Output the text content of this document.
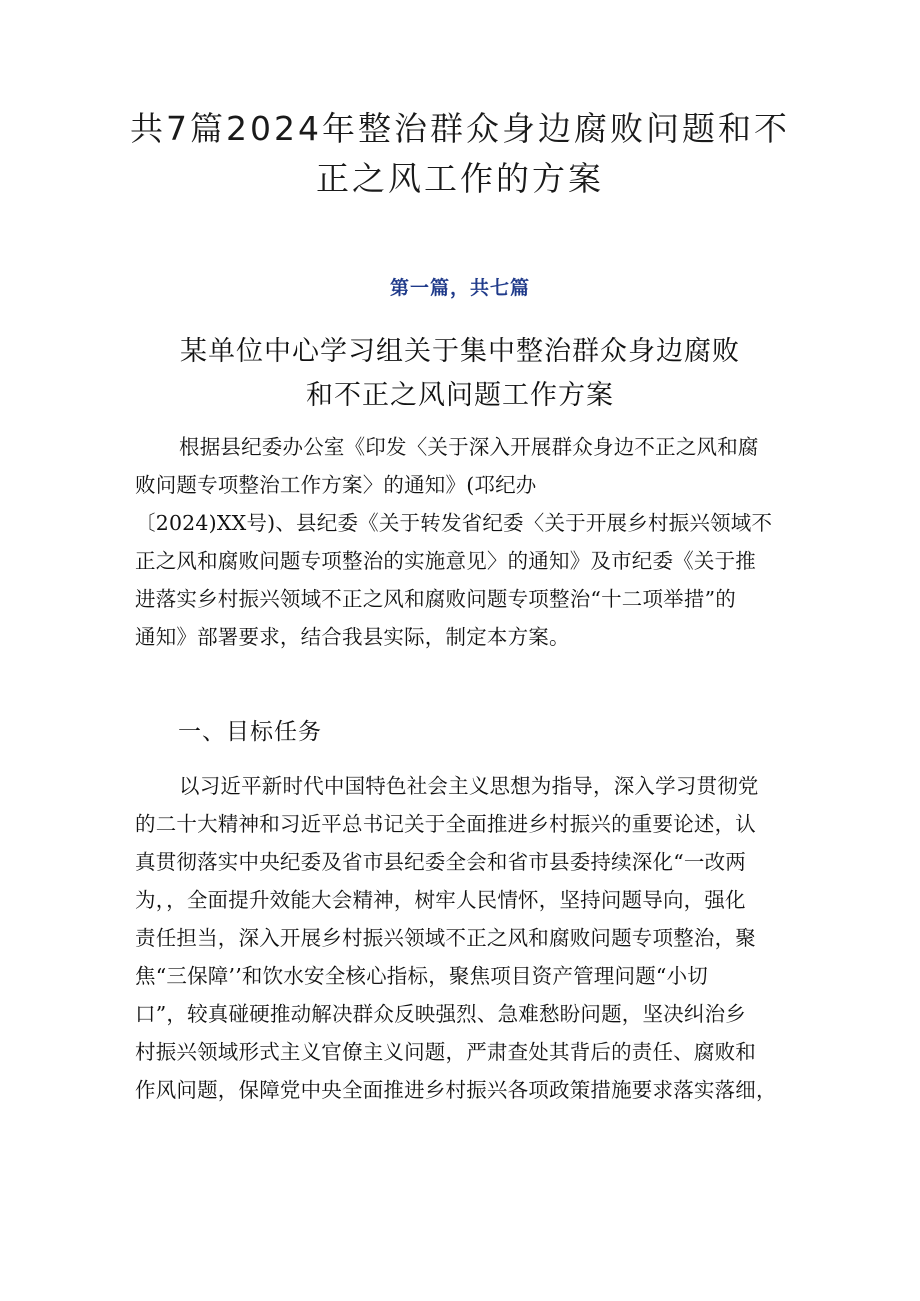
共7篇2024年整治群众身边腐败问题和不
正之风工作的方案
第一篇，共七篇
某单位中心学习组关于集中整治群众身边腐败
和不正之风问题工作方案
根据县纪委办公室《印发〈关于深入开展群众身边不正之风和腐
败问题专项整治工作方案〉的通知》(邛纪办
〔2024)XX号)、县纪委《关于转发省纪委〈关于开展乡村振兴领域不
正之风和腐败问题专项整治的实施意见〉的通知》及市纪委《关于推
进落实乡村振兴领域不正之风和腐败问题专项整治“十二项举措”的
通知》部署要求，结合我县实际，制定本方案。
一、目标任务
以习近平新时代中国特色社会主义思想为指导，深入学习贯彻党
的二十大精神和习近平总书记关于全面推进乡村振兴的重要论述，认
真贯彻落实中央纪委及省市县纪委全会和省市县委持续深化“一改两
为，，全面提升效能大会精神，树牢人民情怀，坚持问题导向，强化
责任担当，深入开展乡村振兴领域不正之风和腐败问题专项整治，聚
焦“三保障’’和饮水安全核心指标，聚焦项目资产管理问题“小切
口”，较真碰硬推动解决群众反映强烈、急难愁盼问题，坚决纠治乡
村振兴领域形式主义官僚主义问题，严肃查处其背后的责任、腐败和
作风问题，保障党中央全面推进乡村振兴各项政策措施要求落实落细，
